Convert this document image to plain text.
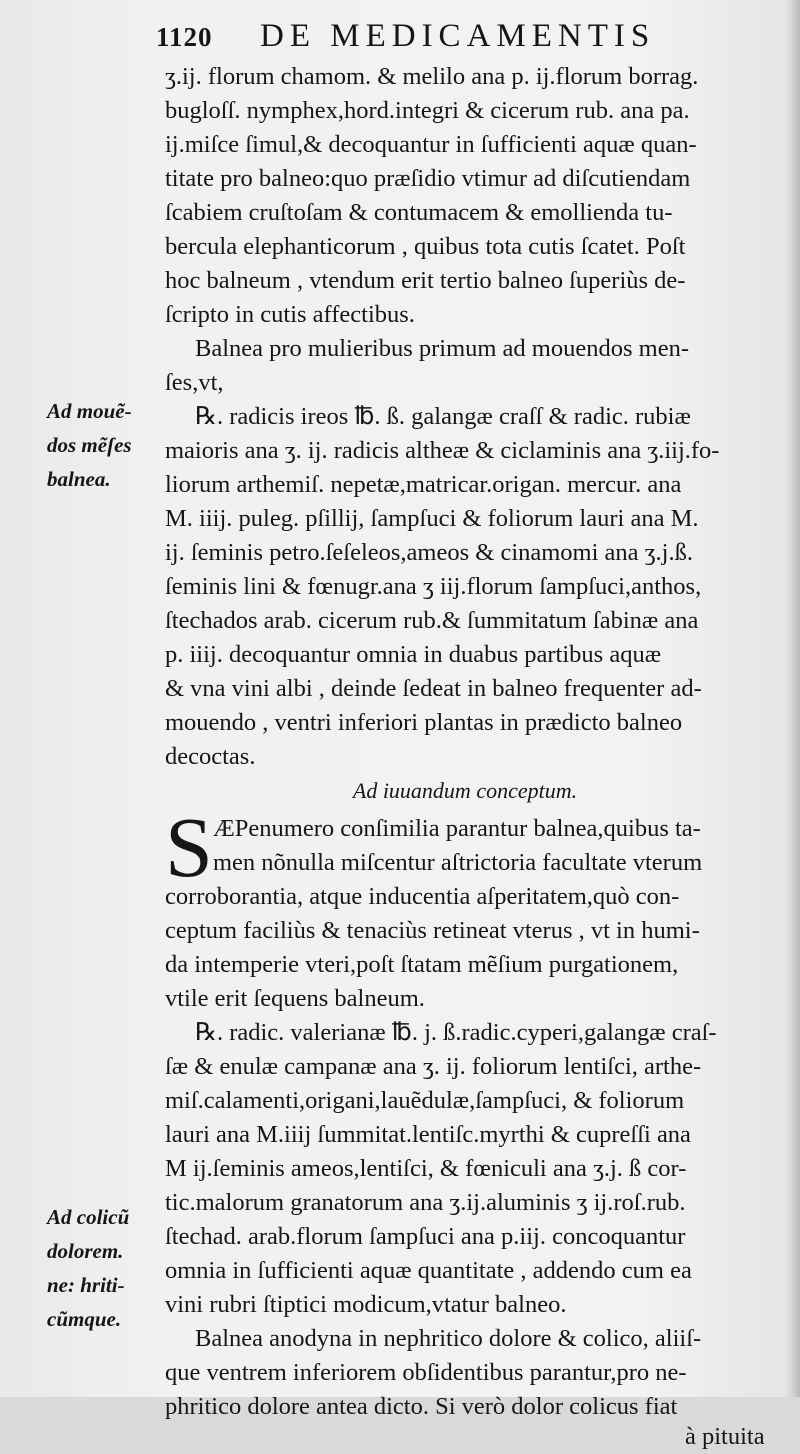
1120 DE MEDICAMENTIS
ʒ.ij. florum chamom. & melilo ana p. ij.florum borrag.
bugloſſ. nymphex,hord.integri & cicerum rub. ana pa.
ij.miſce ſimul,& decoquantur in ſufficienti aquæ quan-
titate pro balneo:quo præſidio vtimur ad diſcutiendam
ſcabiem cruſtoſam & contumacem & emollienda tu-
bercula elephanticorum , quibus tota cutis ſcatet. Poſt
hoc balneum , vtendum erit tertio balneo ſuperiùs de-
ſcripto in cutis affectibus.
Balnea pro mulieribus primum ad mouendos men-
ſes,vt,
℞. radicis ireos ℔. ß. galangæ craſſ & radic. rubiæ
maioris ana ʒ. ij. radicis altheæ & ciclaminis ana ʒ.iij.fo-
liorum arthemiſ. nepetæ,matricar.origan. mercur. ana
M. iiij. puleg. pſillij, ſampſuci & foliorum lauri ana M.
ij. ſeminis petro.ſeſeleos,ameos & cinamomi ana ʒ.j.ß.
ſeminis lini & fœnugr.ana ʒ iij.florum ſampſuci,anthos,
ſtechados arab. cicerum rub.& ſummitatum ſabinæ ana
p. iiij. decoquantur omnia in duabus partibus aquæ
& vna vini albi , deinde ſedeat in balneo frequenter ad-
mouendo , ventri inferiori plantas in prædicto balneo
decoctas.
Ad iuuandum conceptum.
S ÆPenumero conſimilia parantur balnea,quibus ta-
men nõnulla miſcentur aſtrictoria facultate vterum
corroborantia, atque inducentia aſperitatem,quò con-
ceptum faciliùs & tenaciùs retineat vterus , vt in humi-
da intemperie vteri,poſt ſtatam mẽſium purgationem,
vtile erit ſequens balneum.
℞. radic. valerianæ ℔. j. ß.radic.cyperi,galangæ craſ-
ſæ & enulæ campanæ ana ʒ. ij. foliorum lentiſci, arthe-
miſ.calamenti,origani,lauẽdulæ,ſampſuci, & foliorum
lauri ana M.iiij ſummitat.lentiſc.myrthi & cupreſſi ana
M ij.ſeminis ameos,lentiſci, & fœniculi ana ʒ.j. ß cor-
tic.malorum granatorum ana ʒ.ij.aluminis ʒ ij.roſ.rub.
ſtechad. arab.florum ſampſuci ana p.iij. concoquantur
omnia in ſufficienti aquæ quantitate , addendo cum ea
vini rubri ſtiptici modicum,vtatur balneo.
Balnea anodyna in nephritico dolore & colico, aliiſ-
que ventrem inferiorem obſidentibus parantur,pro ne-
phritico dolore antea dicto. Si verò dolor colicus fiat
à pituita
Ad mouẽ-
dos mẽſes
balnea.
Ad colicũ
dolorem.
ne: hriti-
cũmque.
